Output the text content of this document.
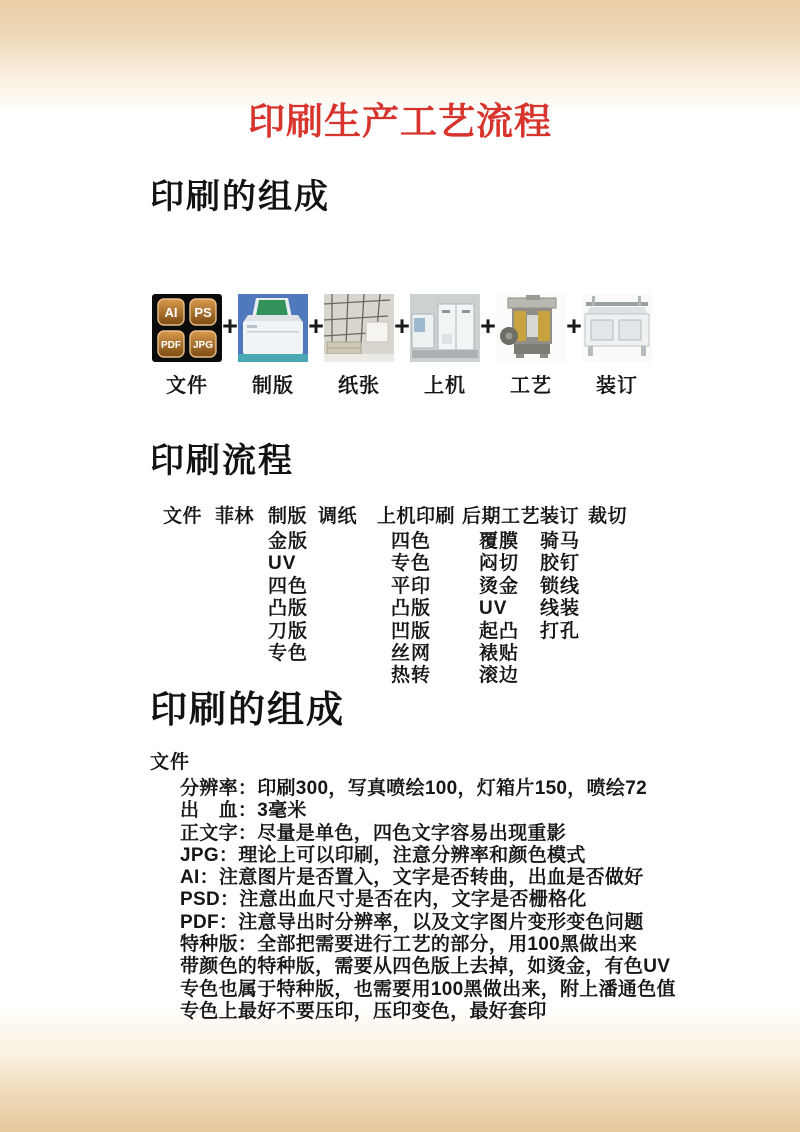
印刷生产工艺流程
印刷的组成
AI PS
PDF JPG
文件
+
制版
+
纸张
+
上机
+
工艺
+
装订
印刷流程
文件 菲林 制版
金版
UV
四色
凸版
刀版
专色
调纸 上机印刷
四色
专色
平印
凸版
凹版
丝网
热转
后期工艺
覆膜
闷切
烫金
UV
起凸
裱贴
滚边
装订
骑马
胶钉
锁线
线装
打孔
裁切
印刷的组成
文件
分辨率：印刷300，写真喷绘100，灯箱片150，喷绘72
出　血：3毫米
正文字：尽量是单色，四色文字容易出现重影
JPG：理论上可以印刷，注意分辨率和颜色模式
AI：注意图片是否置入，文字是否转曲，出血是否做好
PSD：注意出血尺寸是否在内，文字是否栅格化
PDF：注意导出时分辨率，以及文字图片变形变色问题
特种版：全部把需要进行工艺的部分，用100黑做出来
带颜色的特种版，需要从四色版上去掉，如烫金，有色UV
专色也属于特种版，也需要用100黑做出来，附上潘通色值
专色上最好不要压印，压印变色，最好套印
